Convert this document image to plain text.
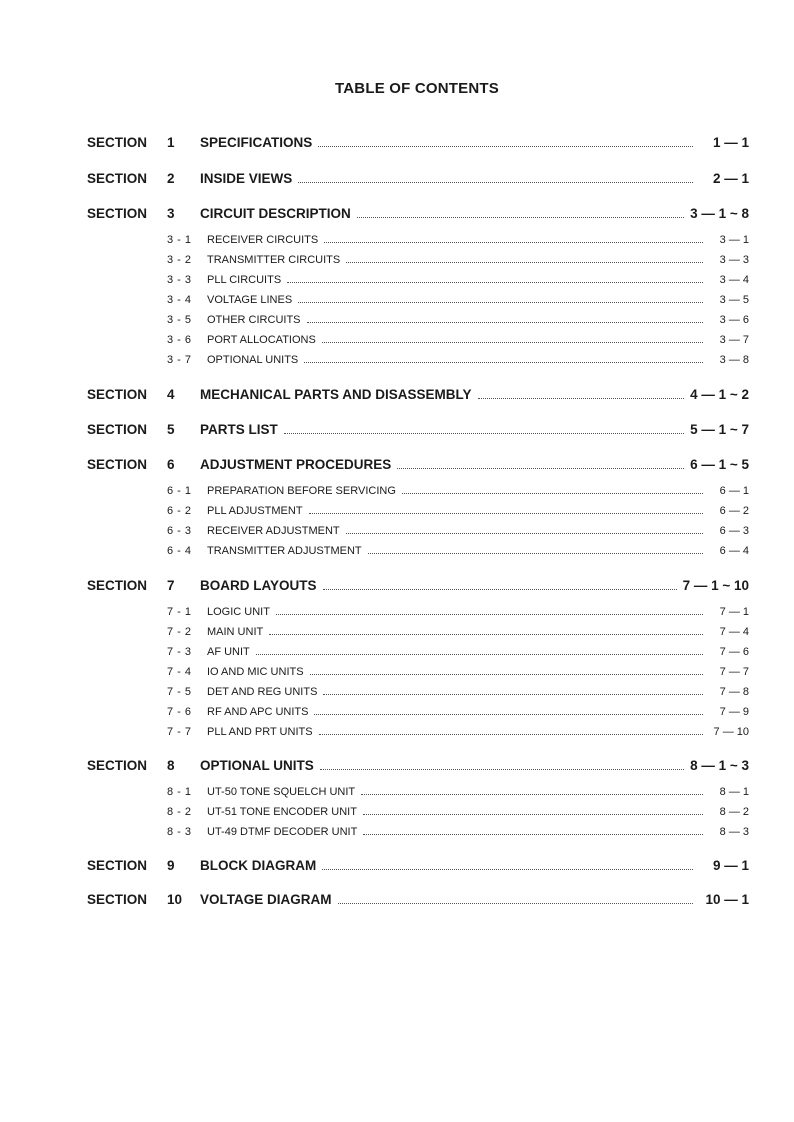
TABLE OF CONTENTS
SECTION	1	SPECIFICATIONS	1 — 1
SECTION	2	INSIDE VIEWS	2 — 1
SECTION	3	CIRCUIT DESCRIPTION	3 — 1 ~ 8
3 - 1	RECEIVER CIRCUITS	3 — 1
3 - 2	TRANSMITTER CIRCUITS	3 — 3
3 - 3	PLL CIRCUITS	3 — 4
3 - 4	VOLTAGE LINES	3 — 5
3 - 5	OTHER CIRCUITS	3 — 6
3 - 6	PORT ALLOCATIONS	3 — 7
3 - 7	OPTIONAL UNITS	3 — 8
SECTION	4	MECHANICAL PARTS AND DISASSEMBLY	4 — 1 ~ 2
SECTION	5	PARTS LIST	5 — 1 ~ 7
SECTION	6	ADJUSTMENT PROCEDURES	6 — 1 ~ 5
6 - 1	PREPARATION BEFORE SERVICING	6 — 1
6 - 2	PLL ADJUSTMENT	6 — 2
6 - 3	RECEIVER ADJUSTMENT	6 — 3
6 - 4	TRANSMITTER ADJUSTMENT	6 — 4
SECTION	7	BOARD LAYOUTS	7 — 1 ~ 10
7 - 1	LOGIC UNIT	7 — 1
7 - 2	MAIN UNIT	7 — 4
7 - 3	AF UNIT	7 — 6
7 - 4	IO AND MIC UNITS	7 — 7
7 - 5	DET AND REG UNITS	7 — 8
7 - 6	RF AND APC UNITS	7 — 9
7 - 7	PLL AND PRT UNITS	7 — 10
SECTION	8	OPTIONAL UNITS	8 — 1 ~ 3
8 - 1	UT-50 TONE SQUELCH UNIT	8 — 1
8 - 2	UT-51 TONE ENCODER UNIT	8 — 2
8 - 3	UT-49 DTMF DECODER UNIT	8 — 3
SECTION	9	BLOCK DIAGRAM	9 — 1
SECTION	10	VOLTAGE DIAGRAM	10 — 1
